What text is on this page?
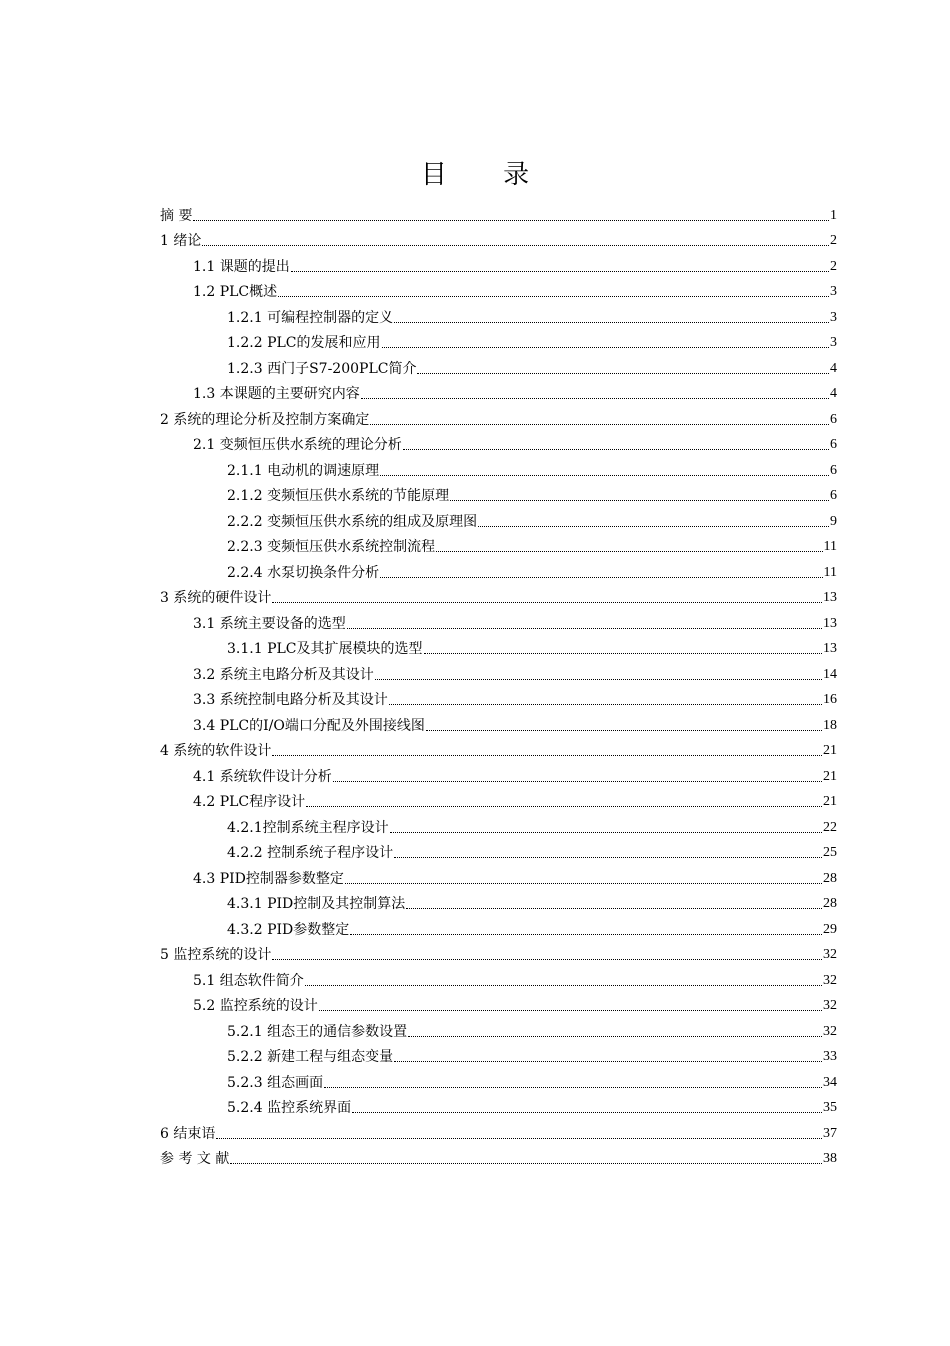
目 录
摘 要	1
1 绪论	2
1.1 课题的提出	2
1.2 PLC概述	3
1.2.1 可编程控制器的定义	3
1.2.2 PLC的发展和应用	3
1.2.3 西门子S7-200PLC简介	4
1.3 本课题的主要研究内容	4
2 系统的理论分析及控制方案确定	6
2.1 变频恒压供水系统的理论分析	6
2.1.1 电动机的调速原理	6
2.1.2 变频恒压供水系统的节能原理	6
2.2.2 变频恒压供水系统的组成及原理图	9
2.2.3 变频恒压供水系统控制流程	11
2.2.4 水泵切换条件分析	11
3 系统的硬件设计	13
3.1 系统主要设备的选型	13
3.1.1 PLC及其扩展模块的选型	13
3.2 系统主电路分析及其设计	14
3.3 系统控制电路分析及其设计	16
3.4 PLC的I/O端口分配及外围接线图	18
4 系统的软件设计	21
4.1 系统软件设计分析	21
4.2 PLC程序设计	21
4.2.1控制系统主程序设计	22
4.2.2 控制系统子程序设计	25
4.3 PID控制器参数整定	28
4.3.1 PID控制及其控制算法	28
4.3.2 PID参数整定	29
5 监控系统的设计	32
5.1 组态软件简介	32
5.2 监控系统的设计	32
5.2.1 组态王的通信参数设置	32
5.2.2 新建工程与组态变量	33
5.2.3 组态画面	34
5.2.4 监控系统界面	35
6 结束语	37
参 考 文 献	38
